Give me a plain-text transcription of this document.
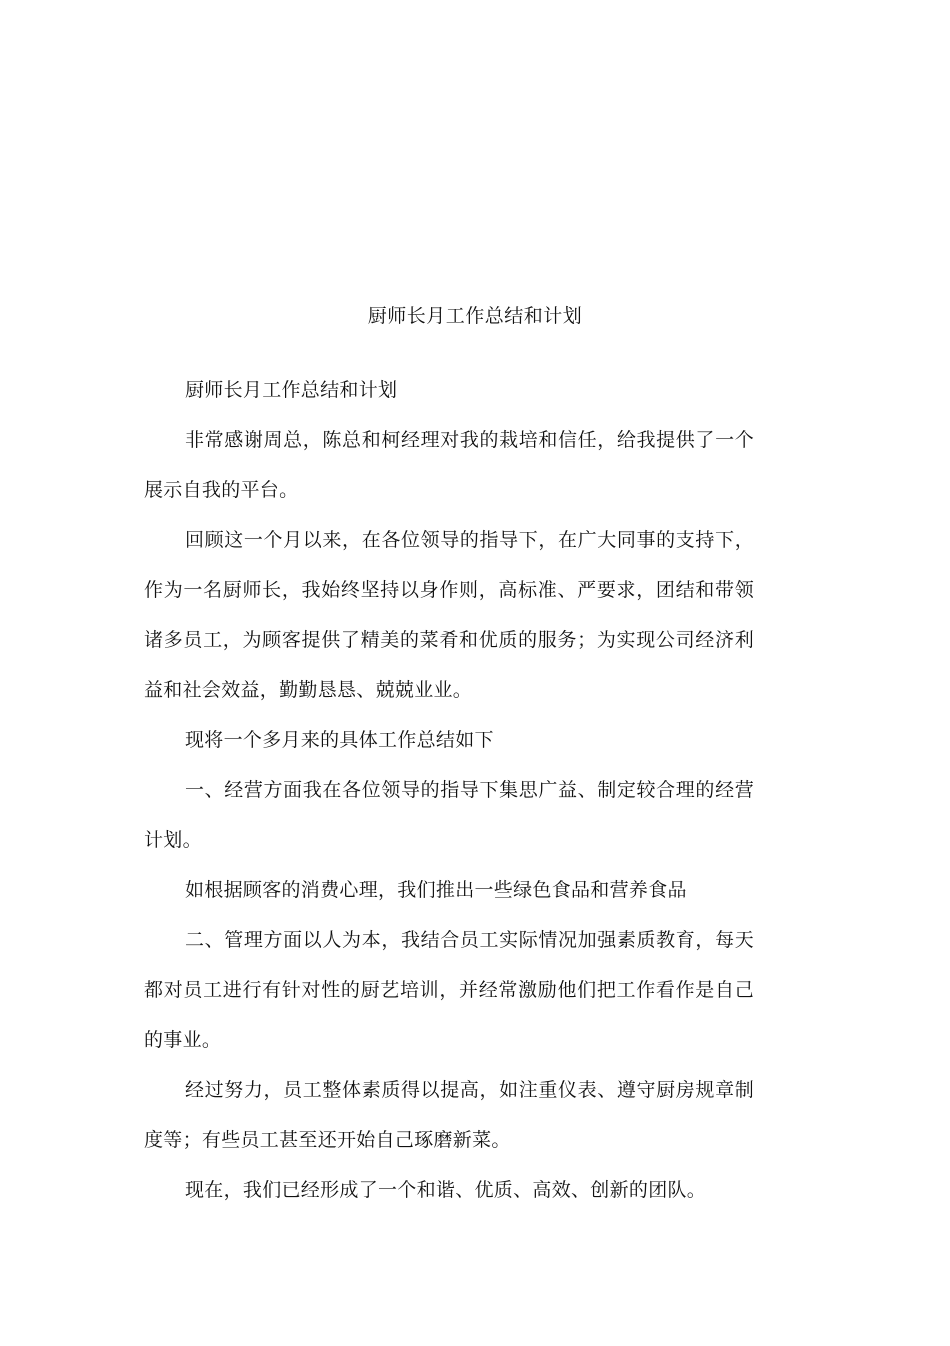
厨师长月工作总结和计划

厨师长月工作总结和计划

非常感谢周总，陈总和柯经理对我的栽培和信任，给我提供了一个展示自我的平台。

回顾这一个月以来，在各位领导的指导下，在广大同事的支持下，作为一名厨师长，我始终坚持以身作则，高标准、严要求，团结和带领诸多员工，为顾客提供了精美的菜肴和优质的服务；为实现公司经济利益和社会效益，勤勤恳恳、兢兢业业。

现将一个多月来的具体工作总结如下

一、经营方面我在各位领导的指导下集思广益、制定较合理的经营计划。

如根据顾客的消费心理，我们推出一些绿色食品和营养食品

二、管理方面以人为本，我结合员工实际情况加强素质教育，每天都对员工进行有针对性的厨艺培训，并经常激励他们把工作看作是自己的事业。

经过努力，员工整体素质得以提高，如注重仪表、遵守厨房规章制度等；有些员工甚至还开始自己琢磨新菜。

现在，我们已经形成了一个和谐、优质、高效、创新的团队。
